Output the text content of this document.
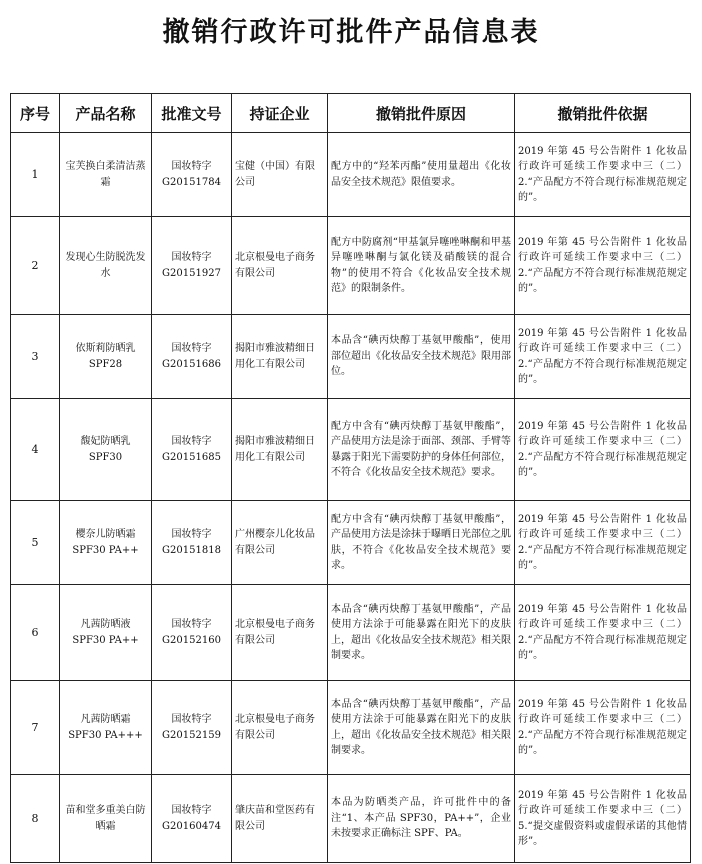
撤销行政许可批件产品信息表
序号	产品名称	批准文号	持证企业	撤销批件原因	撤销批件依据
1	宝芙换白柔清洁蒸霜	国妆特字 G20151784	宝健（中国）有限公司	配方中的“羟苯丙酯”使用量超出《化妆品安全技术规范》限值要求。	2019 年第 45 号公告附件 1 化妆品行政许可延续工作要求中三（二）2.“产品配方不符合现行标准规范规定的”。
2	发现心生防脱洗发水	国妆特字 G20151927	北京根曼电子商务有限公司	配方中防腐剂“甲基氯异噻唑啉酮和甲基异噻唑啉酮与氯化镁及硝酸镁的混合物”的使用不符合《化妆品安全技术规范》的限制条件。	2019 年第 45 号公告附件 1 化妆品行政许可延续工作要求中三（二）2.“产品配方不符合现行标准规范规定的”。
3	依斯莉防晒乳 SPF28	国妆特字 G20151686	揭阳市雅波精细日用化工有限公司	本品含“碘丙炔醇丁基氨甲酸酯”，使用部位超出《化妆品安全技术规范》限用部位。	2019 年第 45 号公告附件 1 化妆品行政许可延续工作要求中三（二）2.“产品配方不符合现行标准规范规定的”。
4	馥妃防晒乳 SPF30	国妆特字 G20151685	揭阳市雅波精细日用化工有限公司	配方中含有“碘丙炔醇丁基氨甲酸酯”，产品使用方法是涂于面部、颈部、手臂等暴露于阳光下需要防护的身体任何部位，不符合《化妆品安全技术规范》要求。	2019 年第 45 号公告附件 1 化妆品行政许可延续工作要求中三（二）2.“产品配方不符合现行标准规范规定的”。
5	樱奈儿防晒霜 SPF30 PA++	国妆特字 G20151818	广州樱奈儿化妆品有限公司	配方中含有“碘丙炔醇丁基氨甲酸酯”，产品使用方法是涂抹于曝晒日光部位之肌肤，不符合《化妆品安全技术规范》要求。	2019 年第 45 号公告附件 1 化妆品行政许可延续工作要求中三（二）2.“产品配方不符合现行标准规范规定的”。
6	凡茜防晒液 SPF30 PA++	国妆特字 G20152160	北京根曼电子商务有限公司	本品含“碘丙炔醇丁基氨甲酸酯”，产品使用方法涂于可能暴露在阳光下的皮肤上，超出《化妆品安全技术规范》相关限制要求。	2019 年第 45 号公告附件 1 化妆品行政许可延续工作要求中三（二）2.“产品配方不符合现行标准规范规定的”。
7	凡茜防晒霜 SPF30 PA+++	国妆特字 G20152159	北京根曼电子商务有限公司	本品含“碘丙炔醇丁基氨甲酸酯”，产品使用方法涂于可能暴露在阳光下的皮肤上，超出《化妆品安全技术规范》相关限制要求。	2019 年第 45 号公告附件 1 化妆品行政许可延续工作要求中三（二）2.“产品配方不符合现行标准规范规定的”。
8	苗和堂多重美白防晒霜	国妆特字 G20160474	肇庆苗和堂医药有限公司	本品为防晒类产品，许可批件中的备注“1、本产品 SPF30，PA++”，企业未按要求正确标注 SPF、PA。	2019 年第 45 号公告附件 1 化妆品行政许可延续工作要求中三（二）5.“提交虚假资料或虚假承诺的其他情形”。
